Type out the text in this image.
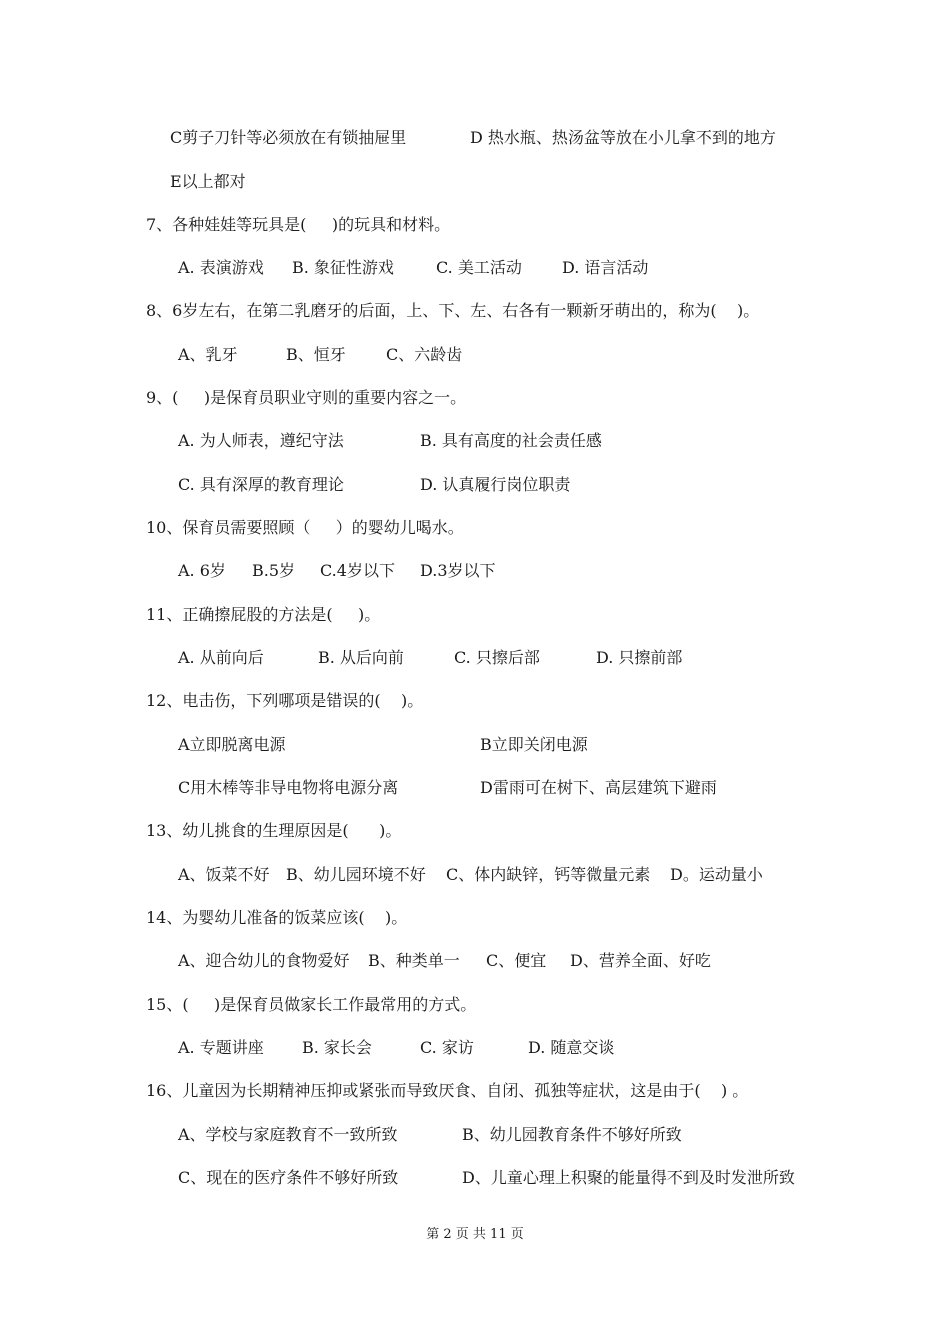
C剪子刀针等必须放在有锁抽屉里	D 热水瓶、热汤盆等放在小儿拿不到的地方
E以上都对
7、各种娃娃等玩具是(     )的玩具和材料。
A. 表演游戏 B. 象征性游戏	C. 美工活动	D. 语言活动
8、6岁左右，在第二乳磨牙的后面，上、下、左、右各有一颗新牙萌出的，称为(    )。
A、乳牙	B、恒牙	C、六龄齿
9、(     )是保育员职业守则的重要内容之一。
A. 为人师表，遵纪守法	B. 具有高度的社会责任感
C. 具有深厚的教育理论	D. 认真履行岗位职责
10、保育员需要照顾（     ）的婴幼儿喝水。
A. 6岁 B.5岁 C.4岁以下 D.3岁以下
11、正确擦屁股的方法是(     )。
A. 从前向后	B. 从后向前	C. 只擦后部	D. 只擦前部
12、电击伤，下列哪项是错误的(    )。
A立即脱离电源	B立即关闭电源
C用木棒等非导电物将电源分离	D雷雨可在树下、高层建筑下避雨
13、幼儿挑食的生理原因是(      )。
A、饭菜不好 B、幼儿园环境不好 C、体内缺锌，钙等微量元素 D。运动量小
14、为婴幼儿准备的饭菜应该(    )。
A、迎合幼儿的食物爱好 B、种类单一 C、便宜 D、营养全面、好吃
15、(     )是保育员做家长工作最常用的方式。
A. 专题讲座 B. 家长会	C. 家访	D. 随意交谈
16、儿童因为长期精神压抑或紧张而导致厌食、自闭、孤独等症状，这是由于(    ) 。
A、学校与家庭教育不一致所致	B、幼儿园教育条件不够好所致
C、现在的医疗条件不够好所致	D、儿童心理上积聚的能量得不到及时发泄所致
第 2 页 共 11 页
